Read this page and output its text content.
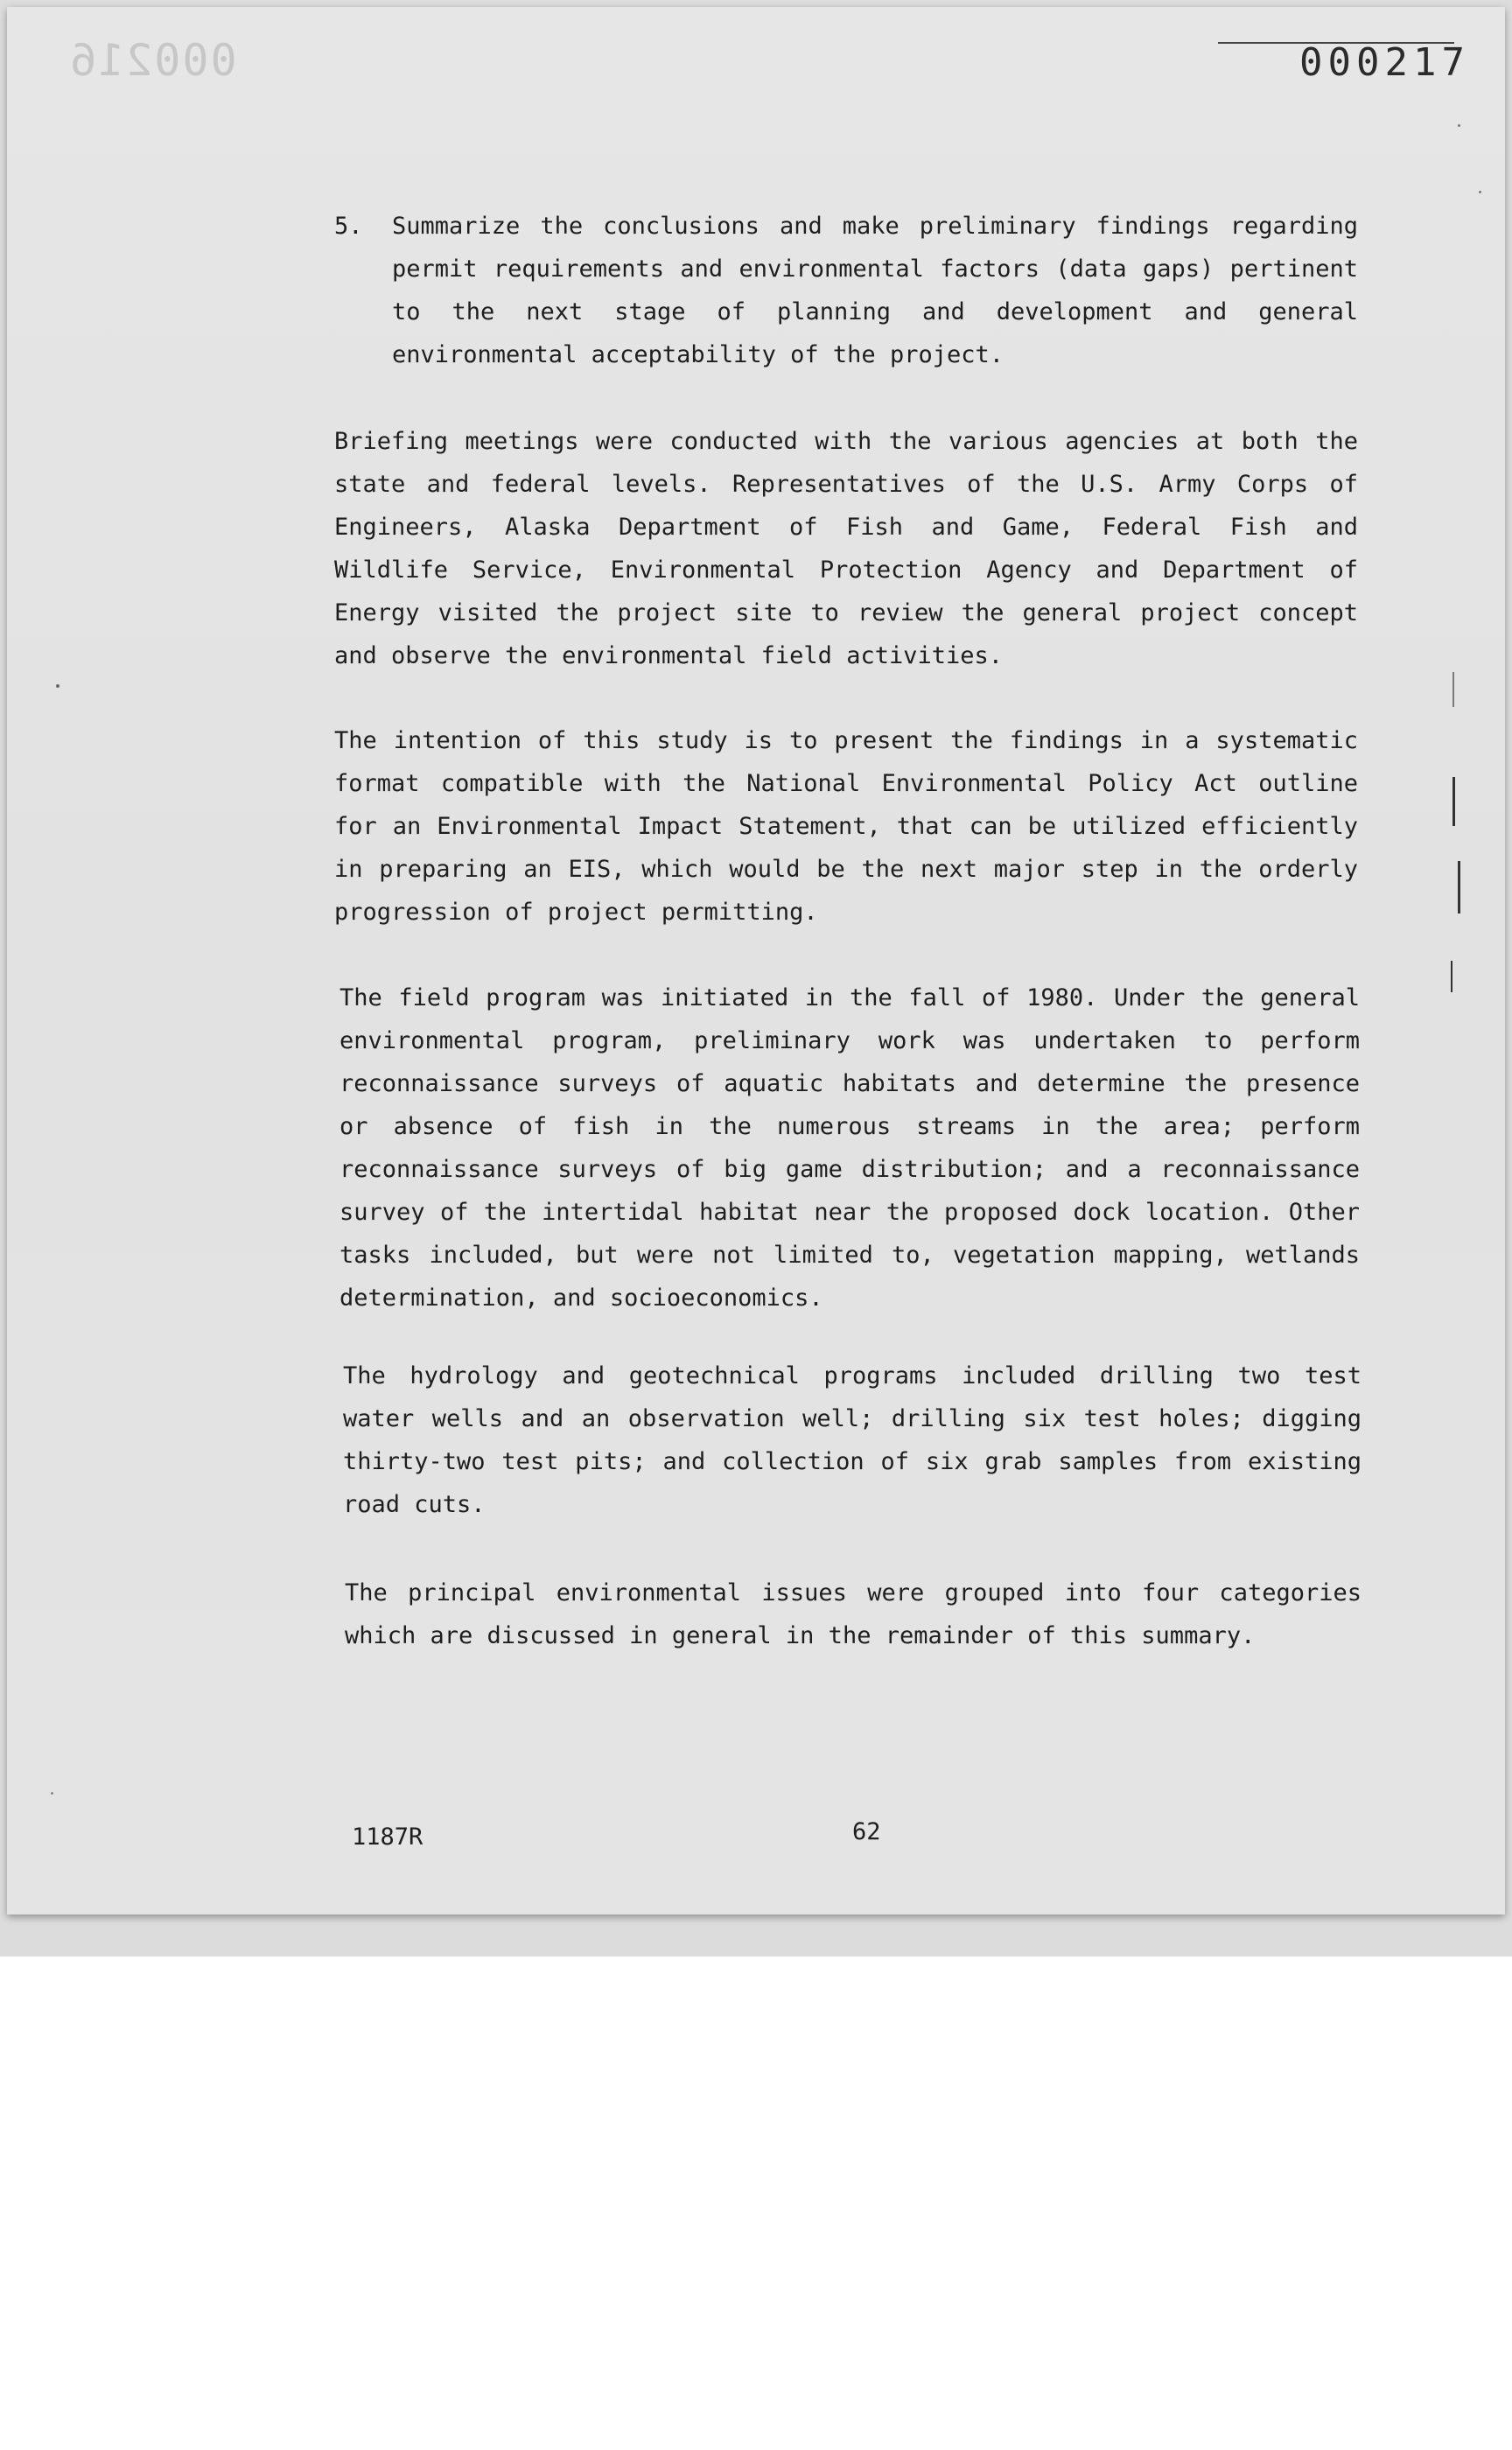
000216	000217
5. Summarize the conclusions and make preliminary findings regarding permit requirements and environmental factors (data gaps) pertinent to the next stage of planning and development and general environmental acceptability of the project.
Briefing meetings were conducted with the various agencies at both the state and federal levels. Representatives of the U.S. Army Corps of Engineers, Alaska Department of Fish and Game, Federal Fish and Wildlife Service, Environmental Protection Agency and Department of Energy visited the project site to review the general project concept and observe the environmental field activities.
The intention of this study is to present the findings in a systematic format compatible with the National Environmental Policy Act outline for an Environmental Impact Statement, that can be utilized efficiently in preparing an EIS, which would be the next major step in the orderly progression of project permitting.
The field program was initiated in the fall of 1980. Under the general environmental program, preliminary work was undertaken to perform reconnaissance surveys of aquatic habitats and determine the presence or absence of fish in the numerous streams in the area; perform reconnaissance surveys of big game distribution; and a reconnaissance survey of the intertidal habitat near the proposed dock location. Other tasks included, but were not limited to, vegetation mapping, wetlands determination, and socioeconomics.
The hydrology and geotechnical programs included drilling two test water wells and an observation well; drilling six test holes; digging thirty-two test pits; and collection of six grab samples from existing road cuts.
The principal environmental issues were grouped into four categories which are discussed in general in the remainder of this summary.
1187R	62
